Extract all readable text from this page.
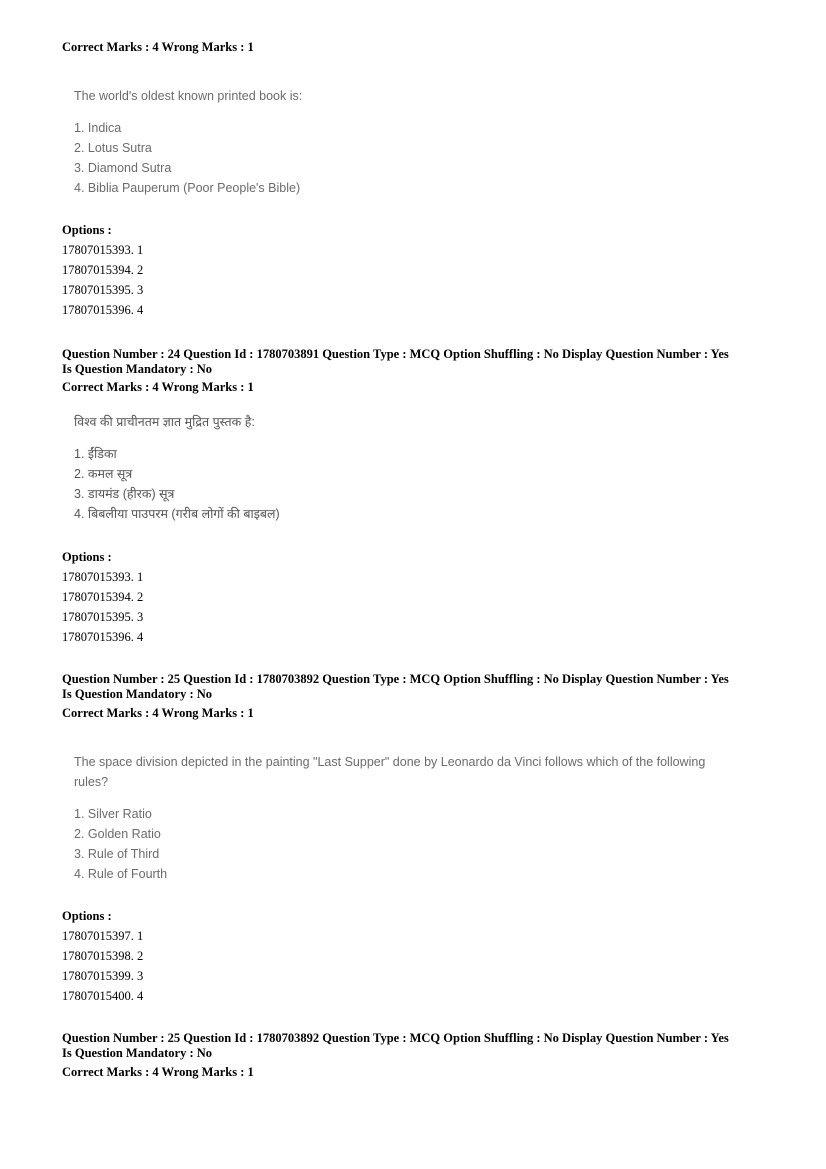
Correct Marks : 4 Wrong Marks : 1
The world's oldest known printed book is:
1. Indica
2. Lotus Sutra
3. Diamond Sutra
4. Biblia Pauperum (Poor People's Bible)
Options :
17807015393. 1
17807015394. 2
17807015395. 3
17807015396. 4
Question Number : 24 Question Id : 1780703891 Question Type : MCQ Option Shuffling : No Display Question Number : Yes
Is Question Mandatory : No
Correct Marks : 4 Wrong Marks : 1
विश्व की प्राचीनतम ज्ञात मुद्रित पुस्तक है:
1. ईंडिका
2. कमल सूत्र
3. डायमंड (हीरक) सूत्र
4. बिबलीया पाउपरम (गरीब लोगों की बाइबल)
Options :
17807015393. 1
17807015394. 2
17807015395. 3
17807015396. 4
Question Number : 25 Question Id : 1780703892 Question Type : MCQ Option Shuffling : No Display Question Number : Yes
Is Question Mandatory : No
Correct Marks : 4 Wrong Marks : 1
The space division depicted in the painting "Last Supper" done by Leonardo da Vinci follows which of the following
rules?
1. Silver Ratio
2. Golden Ratio
3. Rule of Third
4. Rule of Fourth
Options :
17807015397. 1
17807015398. 2
17807015399. 3
17807015400. 4
Question Number : 25 Question Id : 1780703892 Question Type : MCQ Option Shuffling : No Display Question Number : Yes
Is Question Mandatory : No
Correct Marks : 4 Wrong Marks : 1
